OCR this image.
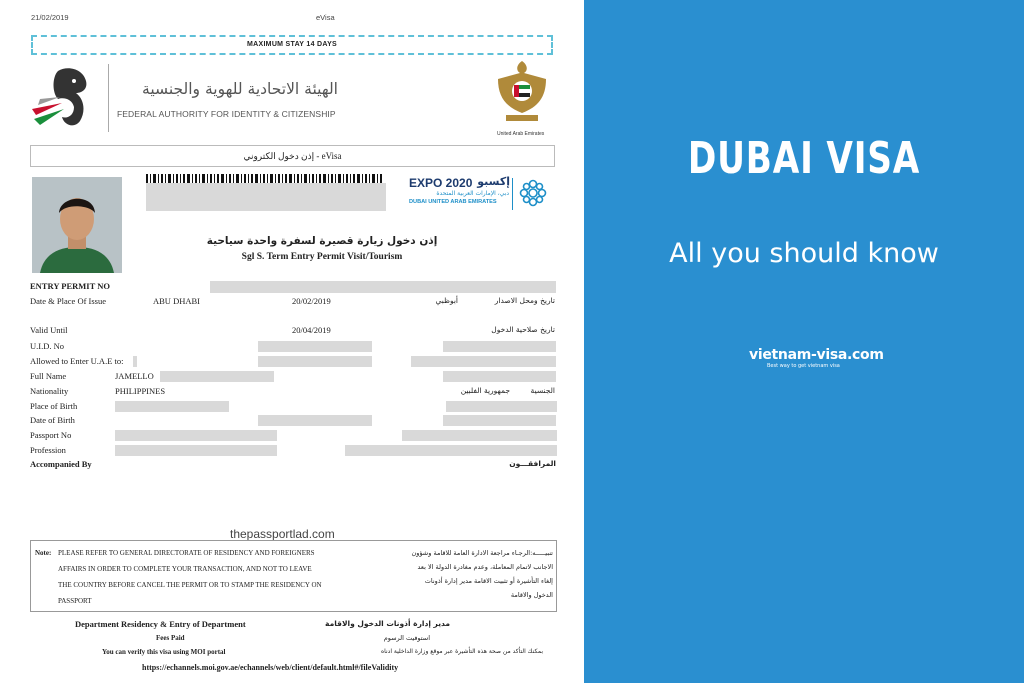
21/02/2019	eVisa
MAXIMUM STAY 14 DAYS
الهيئة الاتحادية للهوية والجنسية
FEDERAL AUTHORITY FOR IDENTITY & CITIZENSHIP
United Arab Emirates
إذن دخول الكتروني - eVisa
EXPO 2020 إكسبو
دبي، الإمارات العربية المتحدة
DUBAI UNITED ARAB EMIRATES
إذن دخول زيارة قصيرة لسفرة واحدة سياحية
Sgl S. Term Entry Permit Visit/Tourism
ENTRY PERMIT NO
Date & Place Of Issue	ABU DHABI	20/02/2019	أبوظبي	تاريخ ومحل الاصدار
Valid Until	20/04/2019	تاريخ صلاحية الدخول
U.I.D. No
Allowed to Enter U.A.E to:
Full Name	JAMELLO
Nationality	PHILIPPINES	جمهورية الفلبين	الجنسية
Place of Birth
Date of Birth
Passport No
Profession
Accompanied By	المرافقـــون
thepassportlad.com
Note: PLEASE REFER TO GENERAL DIRECTORATE OF RESIDENCY AND FOREIGNERS
AFFAIRS IN ORDER TO COMPLETE YOUR TRANSACTION, AND NOT TO LEAVE
THE COUNTRY BEFORE CANCEL THE PERMIT OR TO STAMP THE RESIDENCY ON
PASSPORT
تنبيـــــه:الرجـاء مراجعة الادارة العامة للاقامة وشؤون
الاجانب لاتمام المعاملة، وعدم مغادرة الدولة الا بعد
إلغاء التأشيرة أو تثبيت الاقامة مدير إدارة أذونات
الدخول والاقامة
Department Residency & Entry of Department	مدير إدارة أذونات الدخول والاقامة
Fees Paid	استوفيت الرسوم
You can verify this visa using MOI portal	بمكنك التأكد من صحة هذه التأشيرة عبر موقع وزارة الداخلية ادناه
https://echannels.moi.gov.ae/echannels/web/client/default.html#/fileValidity
DUBAI VISA
All you should know
vietnam-visa.com
Best way to get vietnam visa
